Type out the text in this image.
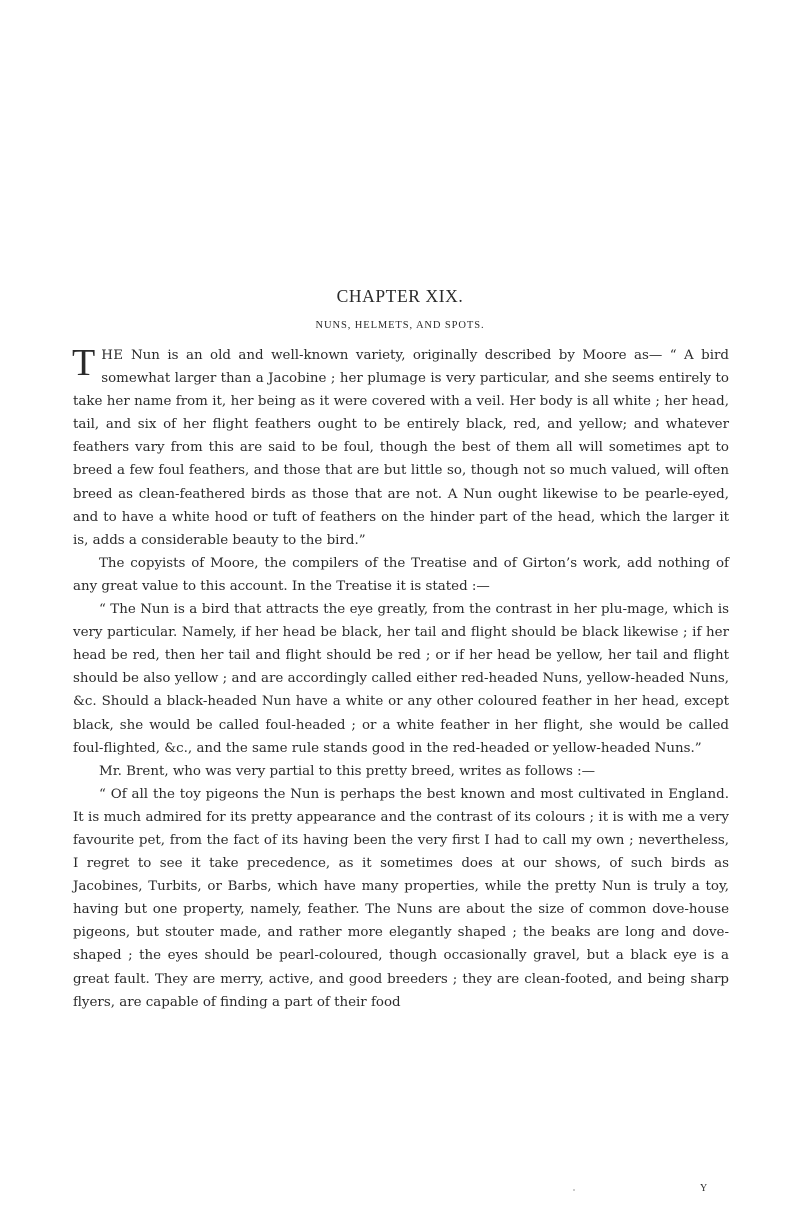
CHAPTER XIX.
NUNS, HELMETS, AND SPOTS.

THE Nun is an old and well-known variety, originally described by Moore as— “ A bird somewhat larger than a Jacobine ; her plumage is very particular, and she seems entirely to take her name from it, her being as it were covered with a veil. Her body is all white ; her head, tail, and six of her flight feathers ought to be entirely black, red, and yellow; and whatever feathers vary from this are said to be foul, though the best of them all will sometimes apt to breed a few foul feathers, and those that are but little so, though not so much valued, will often breed as clean-feathered birds as those that are not. A Nun ought likewise to be pearle-eyed, and to have a white hood or tuft of feathers on the hinder part of the head, which the larger it is, adds a considerable beauty to the bird.”

The copyists of Moore, the compilers of the Treatise and of Girton’s work, add nothing of any great value to this account. In the Treatise it is stated :—

“ The Nun is a bird that attracts the eye greatly, from the contrast in her plu-mage, which is very particular. Namely, if her head be black, her tail and flight should be black likewise ; if her head be red, then her tail and flight should be red ; or if her head be yellow, her tail and flight should be also yellow ; and are accordingly called either red-headed Nuns, yellow-headed Nuns, &c. Should a black-headed Nun have a white or any other coloured feather in her head, except black, she would be called foul-headed ; or a white feather in her flight, she would be called foul-flighted, &c., and the same rule stands good in the red-headed or yellow-headed Nuns.”

Mr. Brent, who was very partial to this pretty breed, writes as follows :—

“ Of all the toy pigeons the Nun is perhaps the best known and most cultivated in England. It is much admired for its pretty appearance and the contrast of its colours ; it is with me a very favourite pet, from the fact of its having been the very first I had to call my own ; nevertheless, I regret to see it take precedence, as it sometimes does at our shows, of such birds as Jacobines, Turbits, or Barbs, which have many properties, while the pretty Nun is truly a toy, having but one property, namely, feather. The Nuns are about the size of common dove-house pigeons, but stouter made, and rather more elegantly shaped ; the beaks are long and dove-shaped ; the eyes should be pearl-coloured, though occasionally gravel, but a black eye is a great fault. They are merry, active, and good breeders ; they are clean-footed, and being sharp flyers, are capable of finding a part of their food

Y
